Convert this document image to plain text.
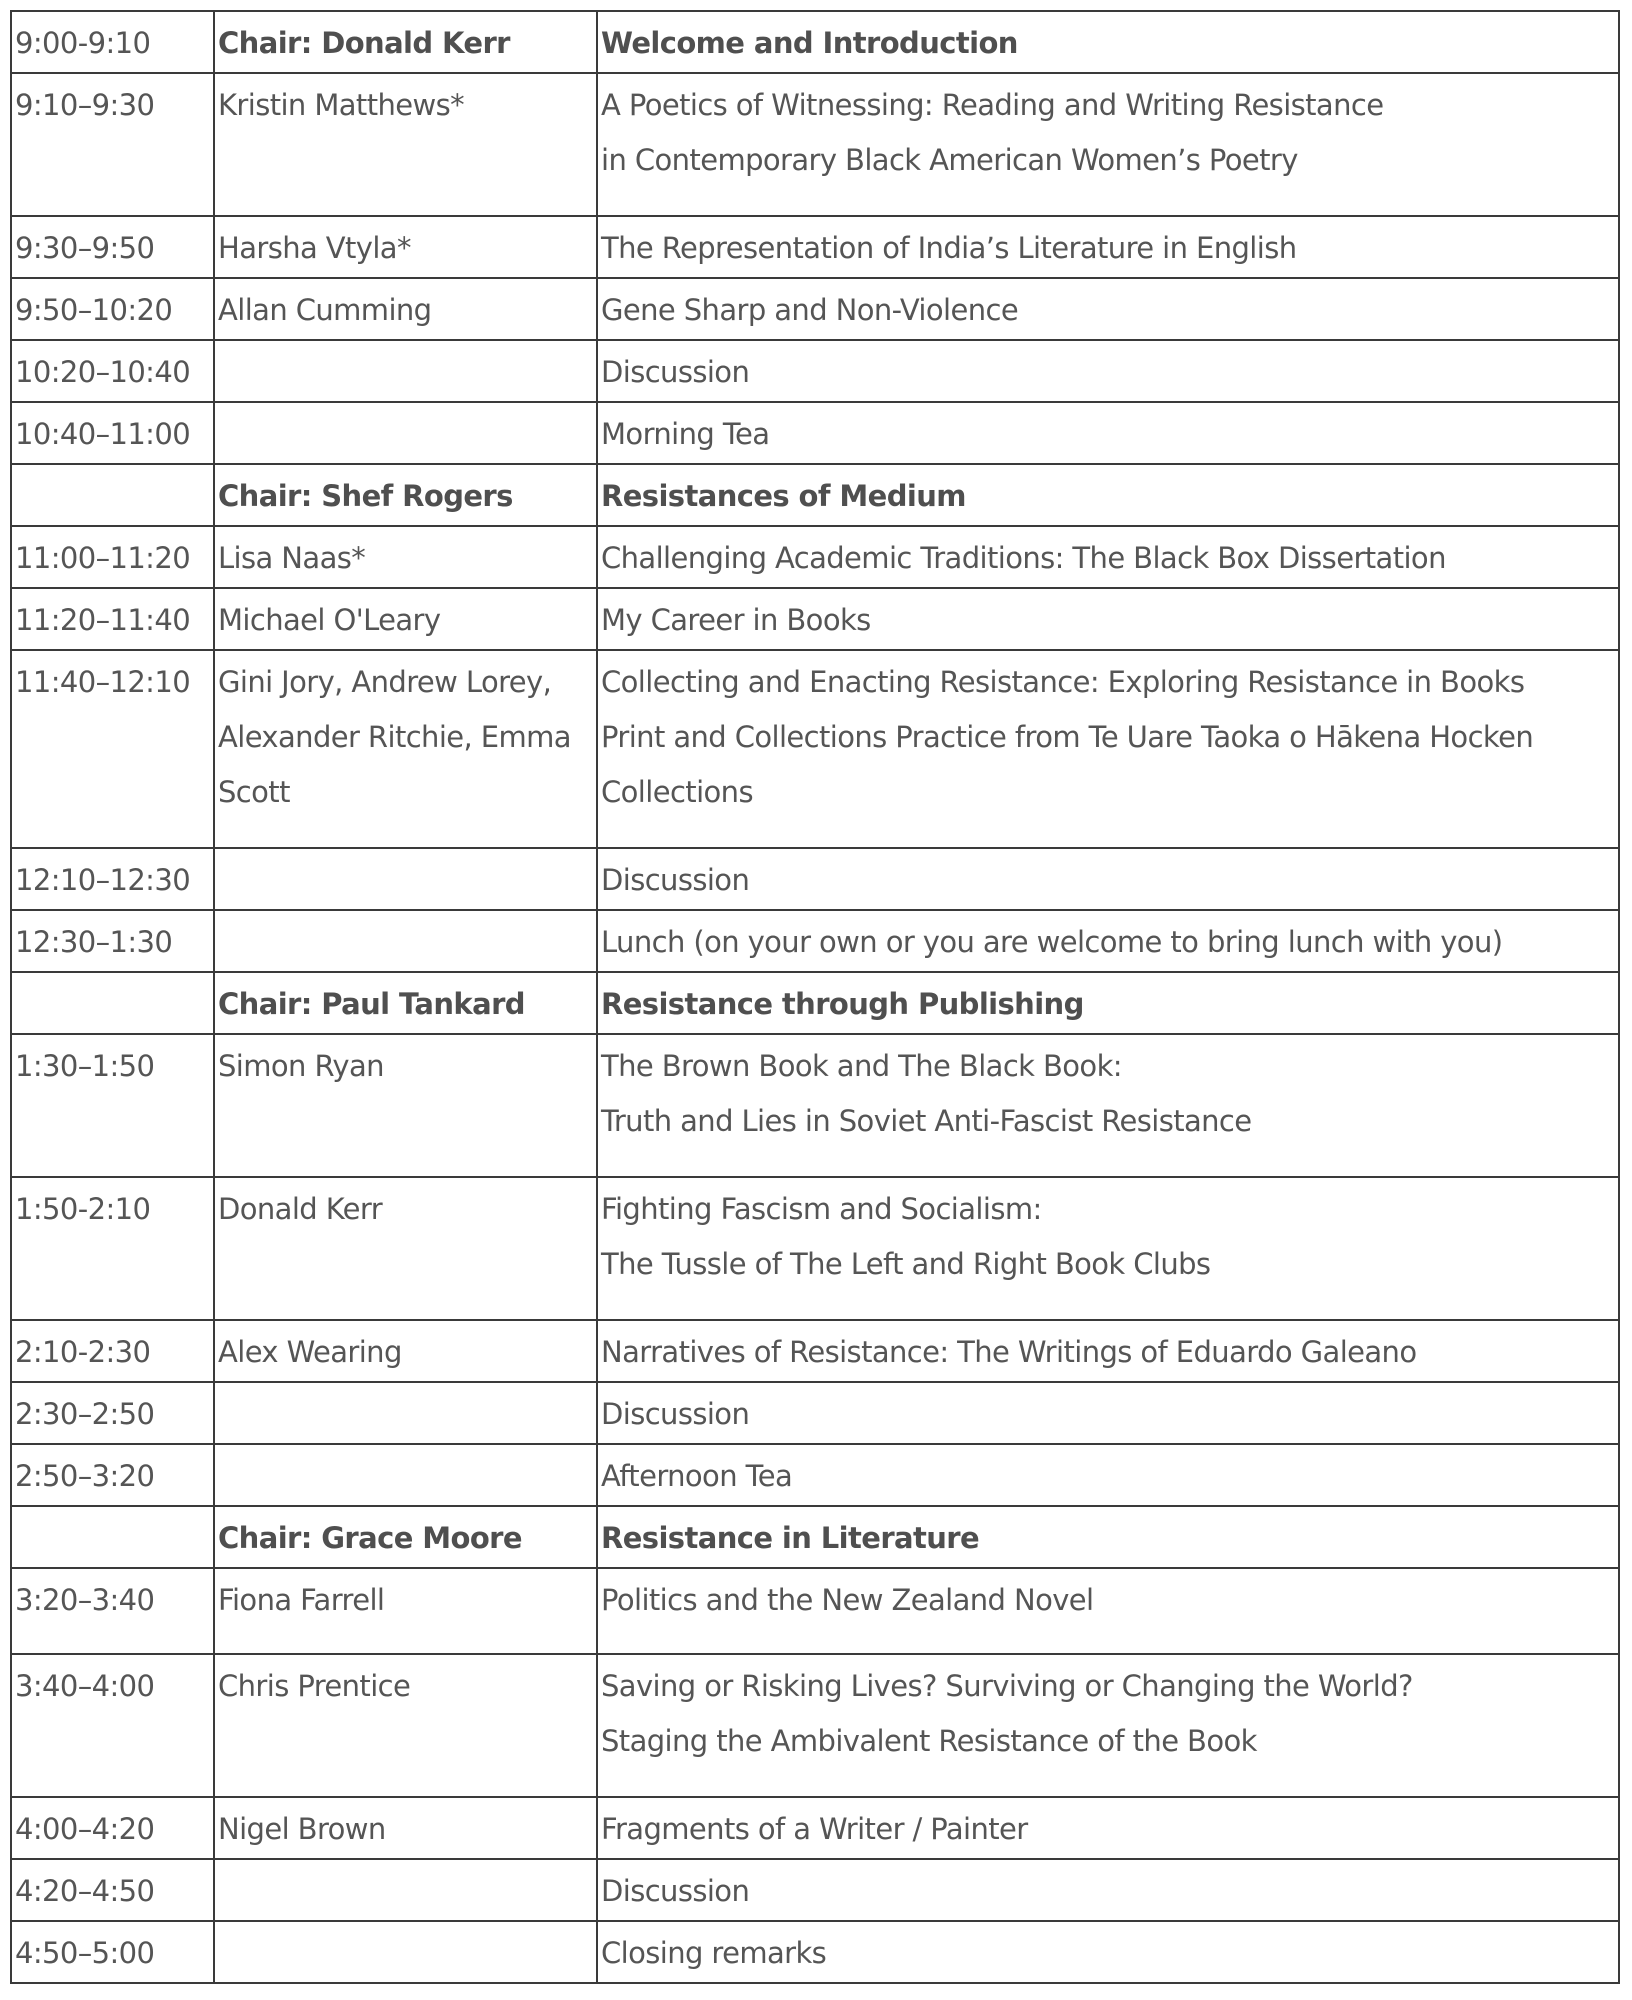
9:00-9:10	Chair: Donald Kerr	Welcome and Introduction

9:10–9:30	Kristin Matthews*	A Poetics of Witnessing: Reading and Writing Resistance
in Contemporary Black American Women’s Poetry

9:30–9:50	Harsha Vtyla*	The Representation of India’s Literature in English

9:50–10:20	Allan Cumming	Gene Sharp and Non-Violence

10:20–10:40		Discussion

10:40–11:00		Morning Tea

	Chair: Shef Rogers	Resistances of Medium

11:00–11:20	Lisa Naas*	Challenging Academic Traditions: The Black Box Dissertation

11:20–11:40	Michael O'Leary	My Career in Books

11:40–12:10	Gini Jory, Andrew Lorey, Alexander Ritchie, Emma Scott	Collecting and Enacting Resistance: Exploring Resistance in Books
Print and Collections Practice from Te Uare Taoka o Hākena Hocken
Collections

12:10–12:30		Discussion

12:30–1:30		Lunch (on your own or you are welcome to bring lunch with you)

	Chair: Paul Tankard	Resistance through Publishing

1:30–1:50	Simon Ryan	The Brown Book and The Black Book:
Truth and Lies in Soviet Anti-Fascist Resistance

1:50-2:10	Donald Kerr	Fighting Fascism and Socialism:
The Tussle of The Left and Right Book Clubs

2:10-2:30	Alex Wearing	Narratives of Resistance: The Writings of Eduardo Galeano

2:30–2:50		Discussion

2:50–3:20		Afternoon Tea

	Chair: Grace Moore	Resistance in Literature

3:20–3:40	Fiona Farrell	Politics and the New Zealand Novel

3:40–4:00	Chris Prentice	Saving or Risking Lives? Surviving or Changing the World?
Staging the Ambivalent Resistance of the Book

4:00–4:20	Nigel Brown	Fragments of a Writer / Painter

4:20–4:50		Discussion

4:50–5:00		Closing remarks
